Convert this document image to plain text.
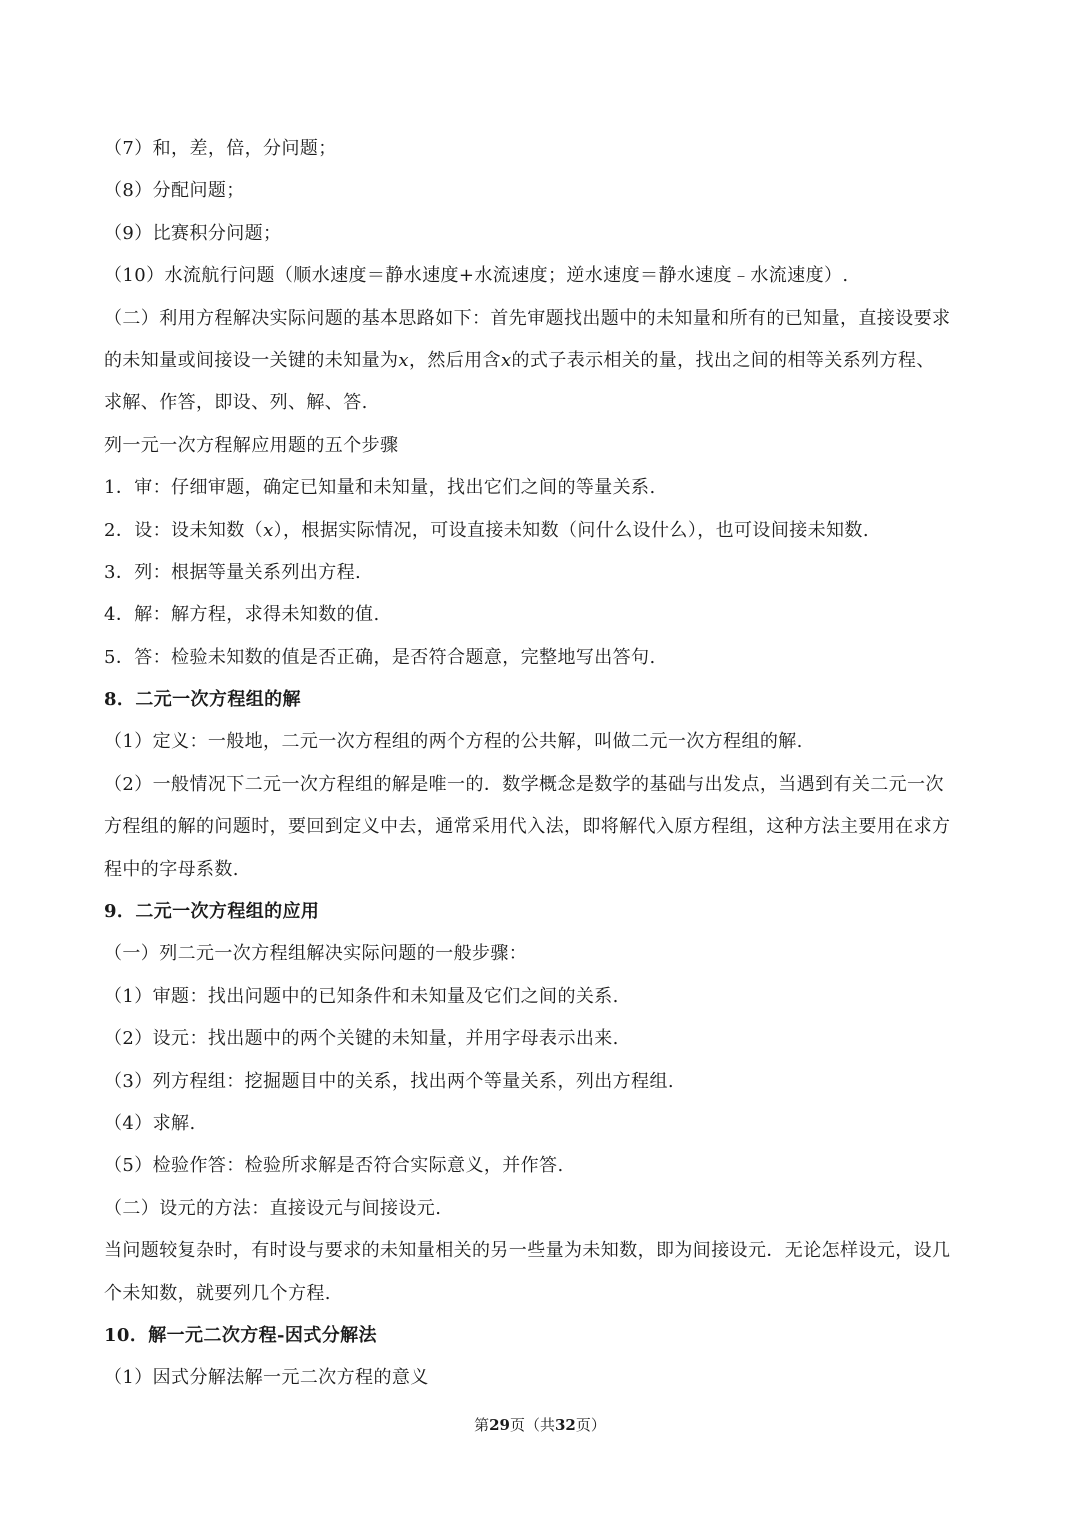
（7）和，差，倍，分问题；
（8）分配问题；
（9）比赛积分问题；
（10）水流航行问题（顺水速度＝静水速度+水流速度；逆水速度＝静水速度﹣水流速度）.
（二）利用方程解决实际问题的基本思路如下：首先审题找出题中的未知量和所有的已知量，直接设要求
的未知量或间接设一关键的未知量为x，然后用含x的式子表示相关的量，找出之间的相等关系列方程、
求解、作答，即设、列、解、答.
列一元一次方程解应用题的五个步骤
1．审：仔细审题，确定已知量和未知量，找出它们之间的等量关系.
2．设：设未知数（x），根据实际情况，可设直接未知数（问什么设什么），也可设间接未知数.
3．列：根据等量关系列出方程.
4．解：解方程，求得未知数的值.
5．答：检验未知数的值是否正确，是否符合题意，完整地写出答句.
8．二元一次方程组的解
（1）定义：一般地，二元一次方程组的两个方程的公共解，叫做二元一次方程组的解.
（2）一般情况下二元一次方程组的解是唯一的．数学概念是数学的基础与出发点，当遇到有关二元一次
方程组的解的问题时，要回到定义中去，通常采用代入法，即将解代入原方程组，这种方法主要用在求方
程中的字母系数.
9．二元一次方程组的应用
（一）列二元一次方程组解决实际问题的一般步骤：
（1）审题：找出问题中的已知条件和未知量及它们之间的关系.
（2）设元：找出题中的两个关键的未知量，并用字母表示出来.
（3）列方程组：挖掘题目中的关系，找出两个等量关系，列出方程组.
（4）求解.
（5）检验作答：检验所求解是否符合实际意义，并作答.
（二）设元的方法：直接设元与间接设元.
当问题较复杂时，有时设与要求的未知量相关的另一些量为未知数，即为间接设元．无论怎样设元，设几
个未知数，就要列几个方程.
10．解一元二次方程-因式分解法
（1）因式分解法解一元二次方程的意义
第29页（共32页）
